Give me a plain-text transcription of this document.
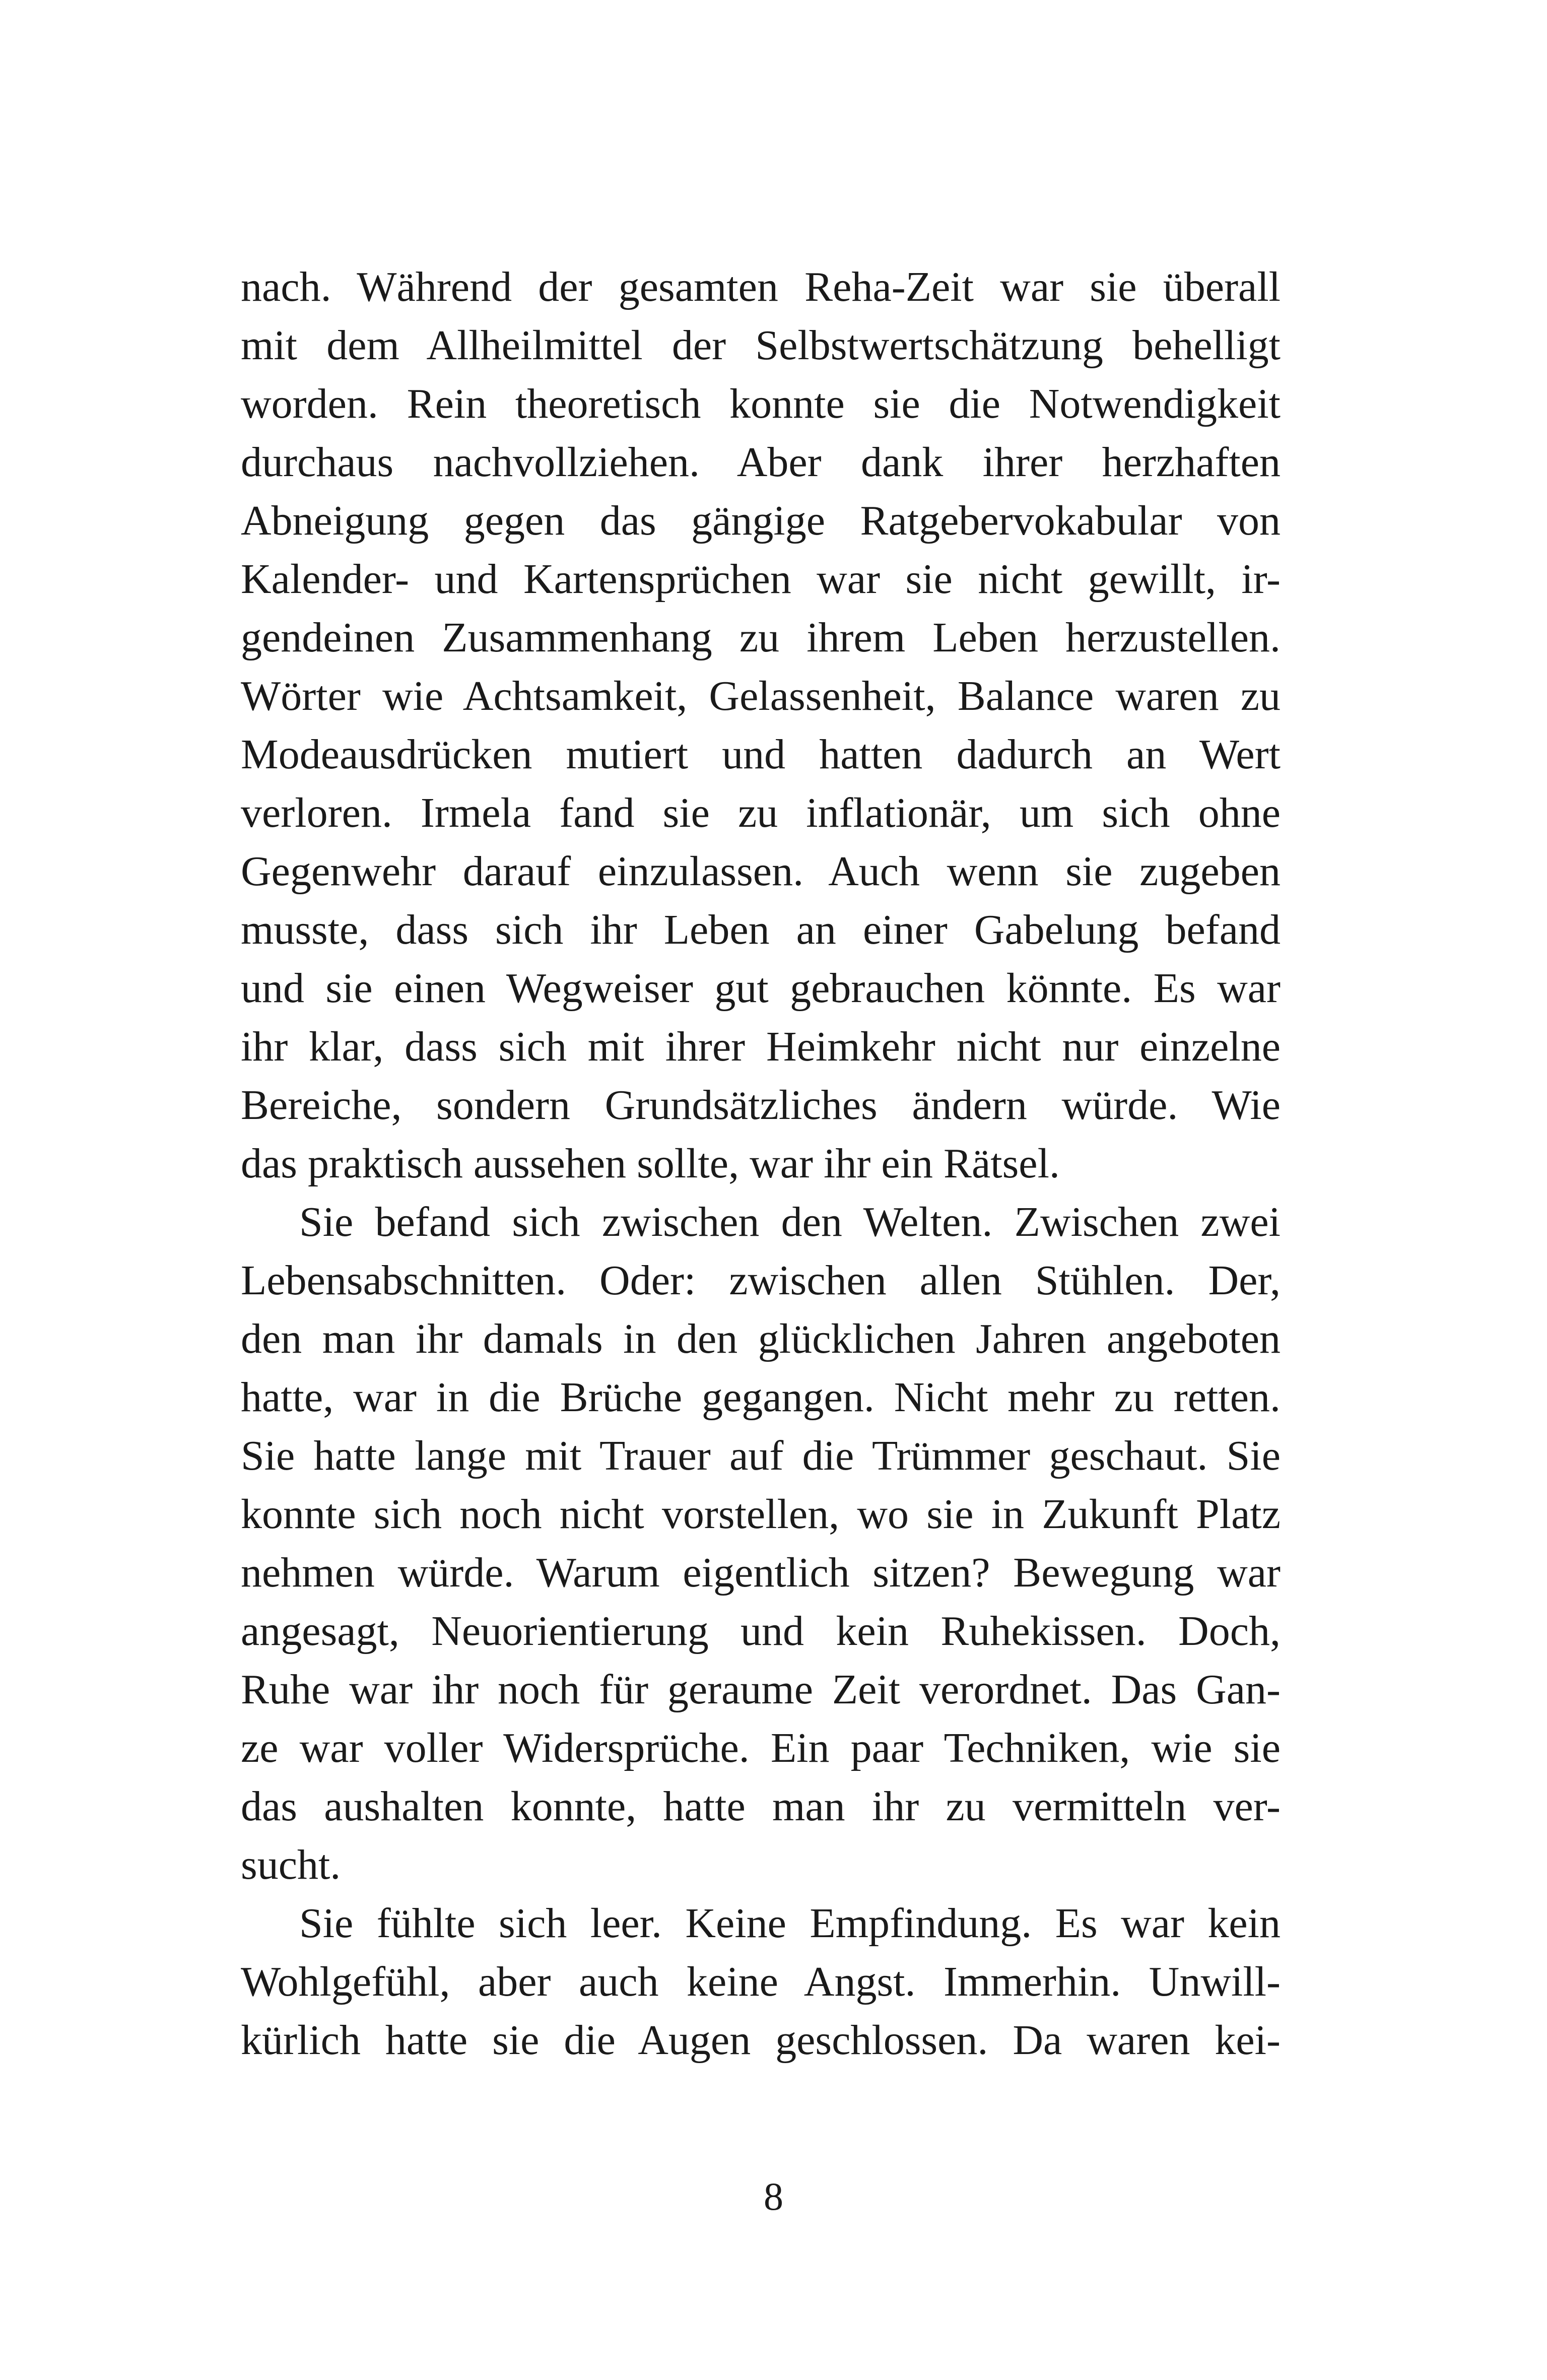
nach. Während der gesamten Reha-Zeit war sie überall
mit dem Allheilmittel der Selbstwertschätzung behelligt
worden. Rein theoretisch konnte sie die Notwendigkeit
durchaus nachvollziehen. Aber dank ihrer herzhaften
Abneigung gegen das gängige Ratgebervokabular von
Kalender- und Kartensprüchen war sie nicht gewillt, ir-
gendeinen Zusammenhang zu ihrem Leben herzustellen.
Wörter wie Achtsamkeit, Gelassenheit, Balance waren zu
Modeausdrücken mutiert und hatten dadurch an Wert
verloren. Irmela fand sie zu inflationär, um sich ohne
Gegenwehr darauf einzulassen. Auch wenn sie zugeben
musste, dass sich ihr Leben an einer Gabelung befand
und sie einen Wegweiser gut gebrauchen könnte. Es war
ihr klar, dass sich mit ihrer Heimkehr nicht nur einzelne
Bereiche, sondern Grundsätzliches ändern würde. Wie
das praktisch aussehen sollte, war ihr ein Rätsel.
Sie befand sich zwischen den Welten. Zwischen zwei
Lebensabschnitten. Oder: zwischen allen Stühlen. Der,
den man ihr damals in den glücklichen Jahren angeboten
hatte, war in die Brüche gegangen. Nicht mehr zu retten.
Sie hatte lange mit Trauer auf die Trümmer geschaut. Sie
konnte sich noch nicht vorstellen, wo sie in Zukunft Platz
nehmen würde. Warum eigentlich sitzen? Bewegung war
angesagt, Neuorientierung und kein Ruhekissen. Doch,
Ruhe war ihr noch für geraume Zeit verordnet. Das Gan-
ze war voller Widersprüche. Ein paar Techniken, wie sie
das aushalten konnte, hatte man ihr zu vermitteln ver-
sucht.
Sie fühlte sich leer. Keine Empfindung. Es war kein
Wohlgefühl, aber auch keine Angst. Immerhin. Unwill-
kürlich hatte sie die Augen geschlossen. Da waren kei-
8
